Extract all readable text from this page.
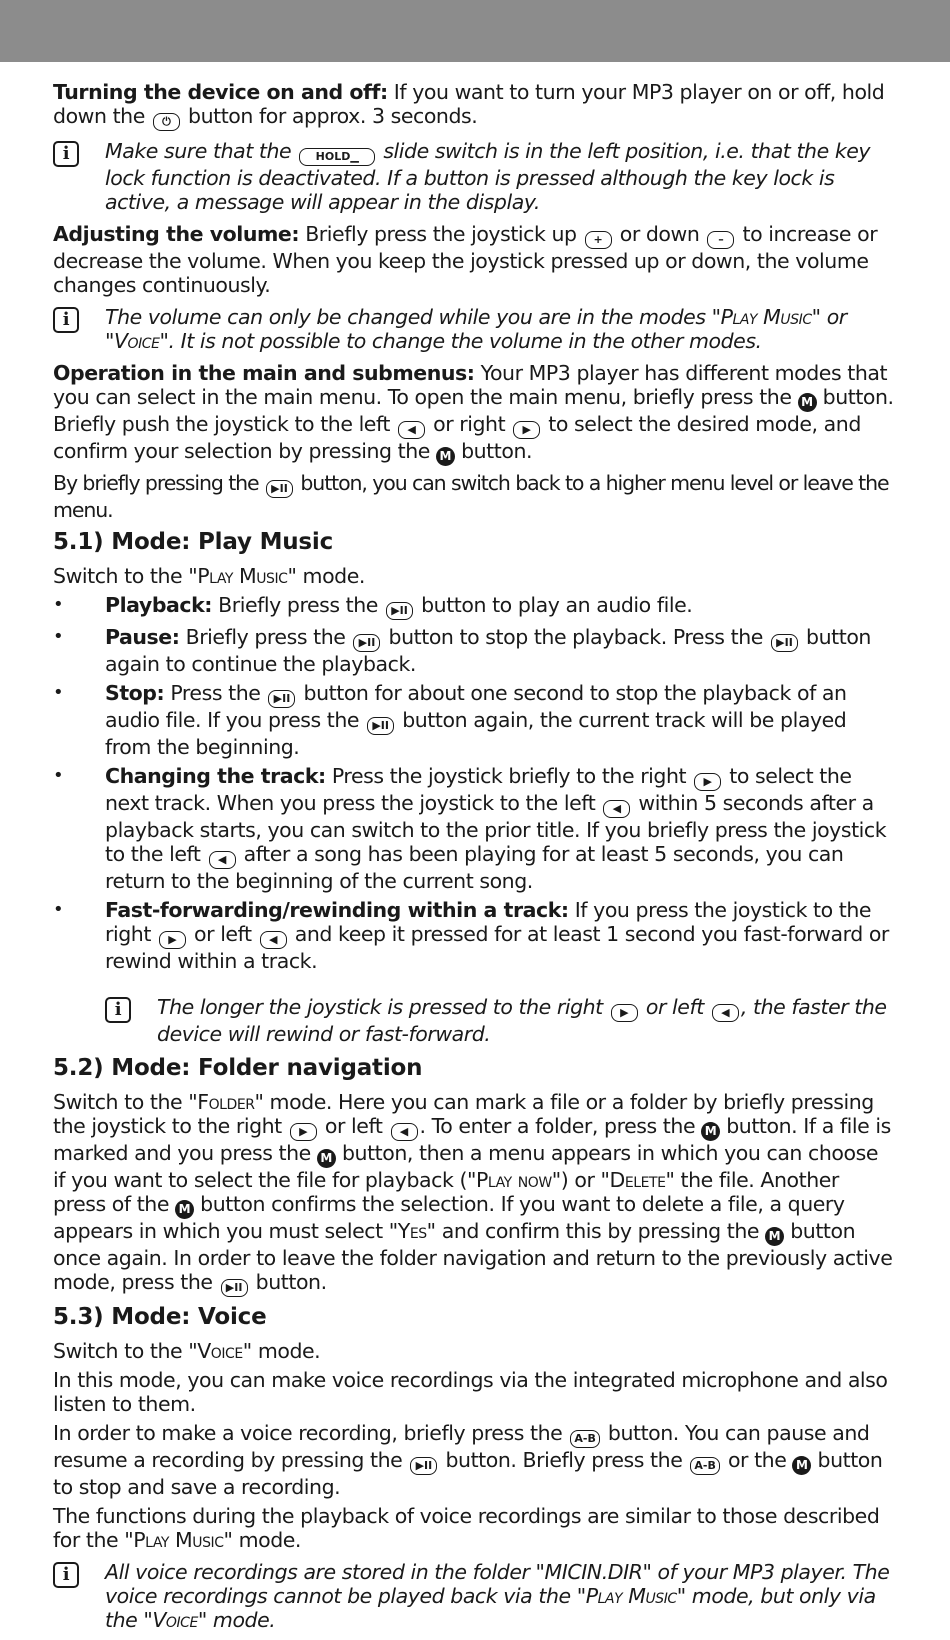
Turning the device on and off: If you want to turn your MP3 player on or off, hold down the ⏻ button for approx. 3 seconds.

i	Make sure that the HOLD▁ slide switch is in the left position, i.e. that the key lock function is deactivated. If a button is pressed although the key lock is active, a message will appear in the display.

Adjusting the volume: Briefly press the joystick up + or down – to increase or decrease the volume. When you keep the joystick pressed up or down, the volume changes continuously.

i	The volume can only be changed while you are in the modes "Play Music" or "Voice". It is not possible to change the volume in the other modes.

Operation in the main and submenus: Your MP3 player has different modes that you can select in the main menu. To open the main menu, briefly press the M button. Briefly push the joystick to the left ◀ or right ▶ to select the desired mode, and confirm your selection by pressing the M button.

By briefly pressing the ▶II button, you can switch back to a higher menu level or leave the menu.

5.1) Mode: Play Music

Switch to the "Play Music" mode.

• Playback: Briefly press the ▶II button to play an audio file.
• Pause: Briefly press the ▶II button to stop the playback. Press the ▶II button again to continue the playback.
• Stop: Press the ▶II button for about one second to stop the playback of an audio file. If you press the ▶II button again, the current track will be played from the beginning.
• Changing the track: Press the joystick briefly to the right ▶ to select the next track. When you press the joystick to the left ◀ within 5 seconds after a playback starts, you can switch to the prior title. If you briefly press the joystick to the left ◀ after a song has been playing for at least 5 seconds, you can return to the beginning of the current song.
• Fast-forwarding/rewinding within a track: If you press the joystick to the right ▶ or left ◀ and keep it pressed for at least 1 second you fast-forward or rewind within a track.
i	The longer the joystick is pressed to the right ▶ or left ◀ , the faster the device will rewind or fast-forward.
5.2) Mode: Folder navigation

Switch to the "Folder" mode. Here you can mark a file or a folder by briefly pressing the joystick to the right ▶ or left ◀ . To enter a folder, press the M button. If a file is marked and you press the M button, then a menu appears in which you can choose if you want to select the file for playback ("Play now") or "Delete" the file. Another press of the M button confirms the selection. If you want to delete a file, a query appears in which you must select "Yes" and confirm this by pressing the M button once again. In order to leave the folder navigation and return to the previously active mode, press the ▶II button.

5.3) Mode: Voice

Switch to the "Voice" mode.

In this mode, you can make voice recordings via the integrated microphone and also listen to them.

In order to make a voice recording, briefly press the A-B button. You can pause and resume a recording by pressing the ▶II button. Briefly press the A-B or the M button to stop and save a recording.

The functions during the playback of voice recordings are similar to those described for the "Play Music" mode.

i	All voice recordings are stored in the folder "MICIN.DIR" of your MP3 player. The voice recordings cannot be played back via the "Play Music" mode, but only via the "Voice" mode.
